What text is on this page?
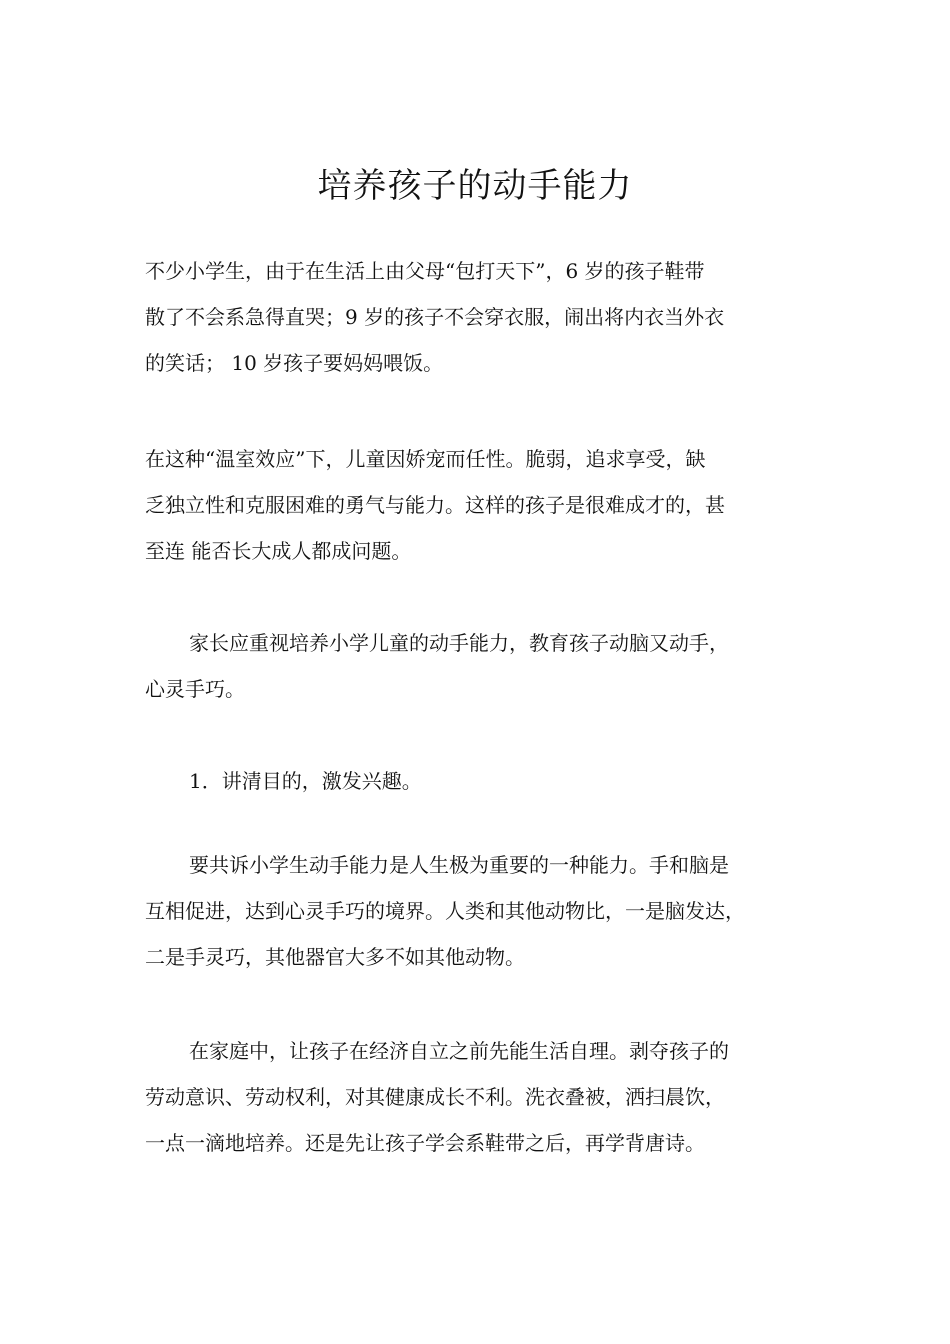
培养孩子的动手能力
不少小学生，由于在生活上由父母“包打天下”，6 岁的孩子鞋带
散了不会系急得直哭；9 岁的孩子不会穿衣服，闹出将内衣当外衣
的笑话； 10 岁孩子要妈妈喂饭。
在这种“温室效应”下，儿童因娇宠而任性。脆弱，追求享受，缺
乏独立性和克服困难的勇气与能力。这样的孩子是很难成才的，甚
至连 能否长大成人都成问题。
家长应重视培养小学儿童的动手能力，教育孩子动脑又动手，
心灵手巧。
1．讲清目的，激发兴趣。
要共诉小学生动手能力是人生极为重要的一种能力。手和脑是
互相促进，达到心灵手巧的境界。人类和其他动物比，一是脑发达，
二是手灵巧，其他器官大多不如其他动物。
在家庭中，让孩子在经济自立之前先能生活自理。剥夺孩子的
劳动意识、劳动权利，对其健康成长不利。洗衣叠被，洒扫晨饮，
一点一滴地培养。还是先让孩子学会系鞋带之后，再学背唐诗。
